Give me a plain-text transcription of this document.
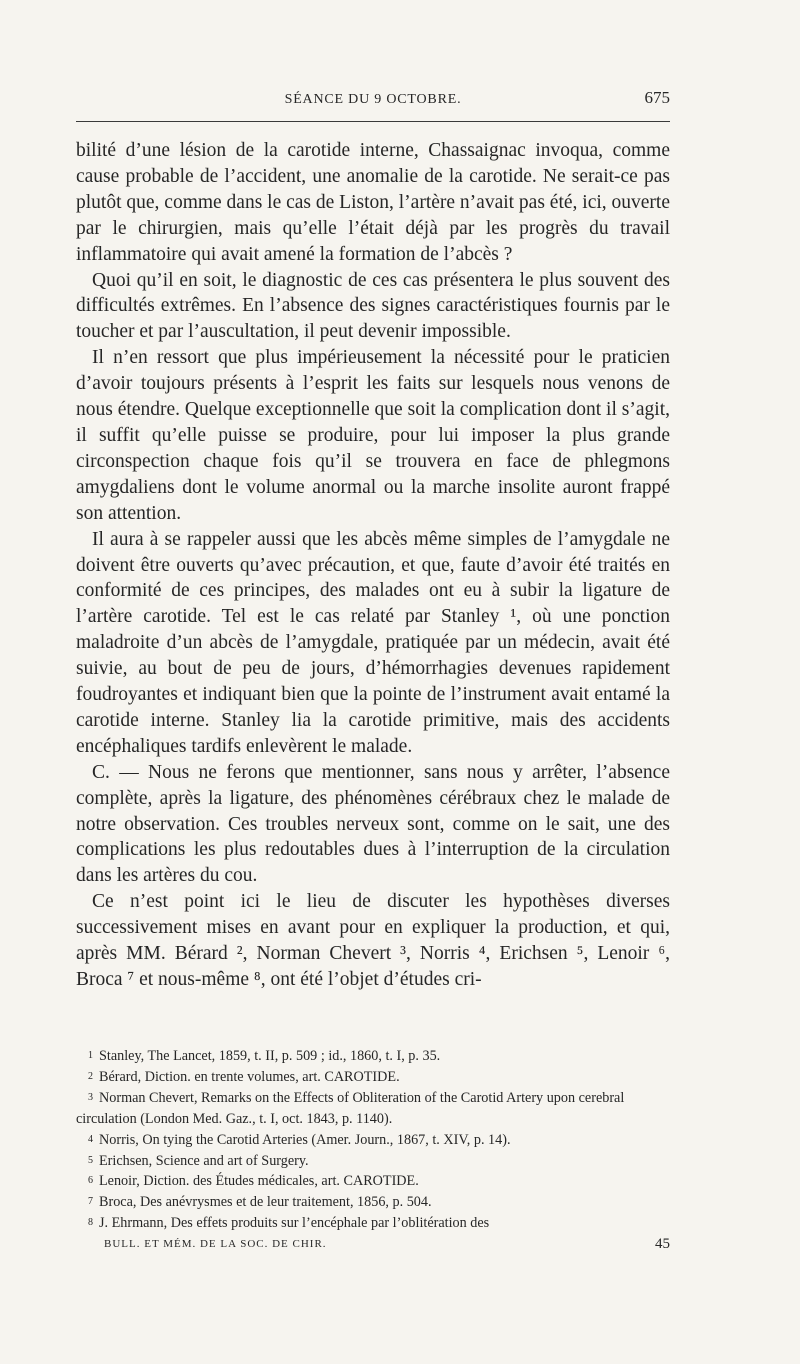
SÉANCE DU 9 OCTOBRE.	675

bilité d’une lésion de la carotide interne, Chassaignac invoqua, comme cause probable de l’accident, une anomalie de la carotide. Ne serait-ce pas plutôt que, comme dans le cas de Liston, l’artère n’avait pas été, ici, ouverte par le chirurgien, mais qu’elle l’était déjà par les progrès du travail inflammatoire qui avait amené la formation de l’abcès ?

Quoi qu’il en soit, le diagnostic de ces cas présentera le plus souvent des difficultés extrêmes. En l’absence des signes caractéristiques fournis par le toucher et par l’auscultation, il peut devenir impossible.

Il n’en ressort que plus impérieusement la nécessité pour le praticien d’avoir toujours présents à l’esprit les faits sur lesquels nous venons de nous étendre. Quelque exceptionnelle que soit la complication dont il s’agit, il suffit qu’elle puisse se produire, pour lui imposer la plus grande circonspection chaque fois qu’il se trouvera en face de phlegmons amygdaliens dont le volume anormal ou la marche insolite auront frappé son attention.

Il aura à se rappeler aussi que les abcès même simples de l’amygdale ne doivent être ouverts qu’avec précaution, et que, faute d’avoir été traités en conformité de ces principes, des malades ont eu à subir la ligature de l’artère carotide. Tel est le cas relaté par Stanley ¹, où une ponction maladroite d’un abcès de l’amygdale, pratiquée par un médecin, avait été suivie, au bout de peu de jours, d’hémorrhagies devenues rapidement foudroyantes et indiquant bien que la pointe de l’instrument avait entamé la carotide interne. Stanley lia la carotide primitive, mais des accidents encéphaliques tardifs enlevèrent le malade.

C. — Nous ne ferons que mentionner, sans nous y arrêter, l’absence complète, après la ligature, des phénomènes cérébraux chez le malade de notre observation. Ces troubles nerveux sont, comme on le sait, une des complications les plus redoutables dues à l’interruption de la circulation dans les artères du cou.

Ce n’est point ici le lieu de discuter les hypothèses diverses successivement mises en avant pour en expliquer la production, et qui, après MM. Bérard ², Norman Chevert ³, Norris ⁴, Erichsen ⁵, Lenoir ⁶, Broca ⁷ et nous-même ⁸, ont été l’objet d’études cri-

1 Stanley, The Lancet, 1859, t. II, p. 509 ; id., 1860, t. I, p. 35.

2 Bérard, Diction. en trente volumes, art. CAROTIDE.

3 Norman Chevert, Remarks on the Effects of Obliteration of the Carotid Artery upon cerebral circulation (London Med. Gaz., t. I, oct. 1843, p. 1140).

4 Norris, On tying the Carotid Arteries (Amer. Journ., 1867, t. XIV, p. 14).

5 Erichsen, Science and art of Surgery.

6 Lenoir, Diction. des Études médicales, art. CAROTIDE.

7 Broca, Des anévrysmes et de leur traitement, 1856, p. 504.

8 J. Ehrmann, Des effets produits sur l’encéphale par l’oblitération des

BULL. ET MÉM. DE LA SOC. DE CHIR.	45
